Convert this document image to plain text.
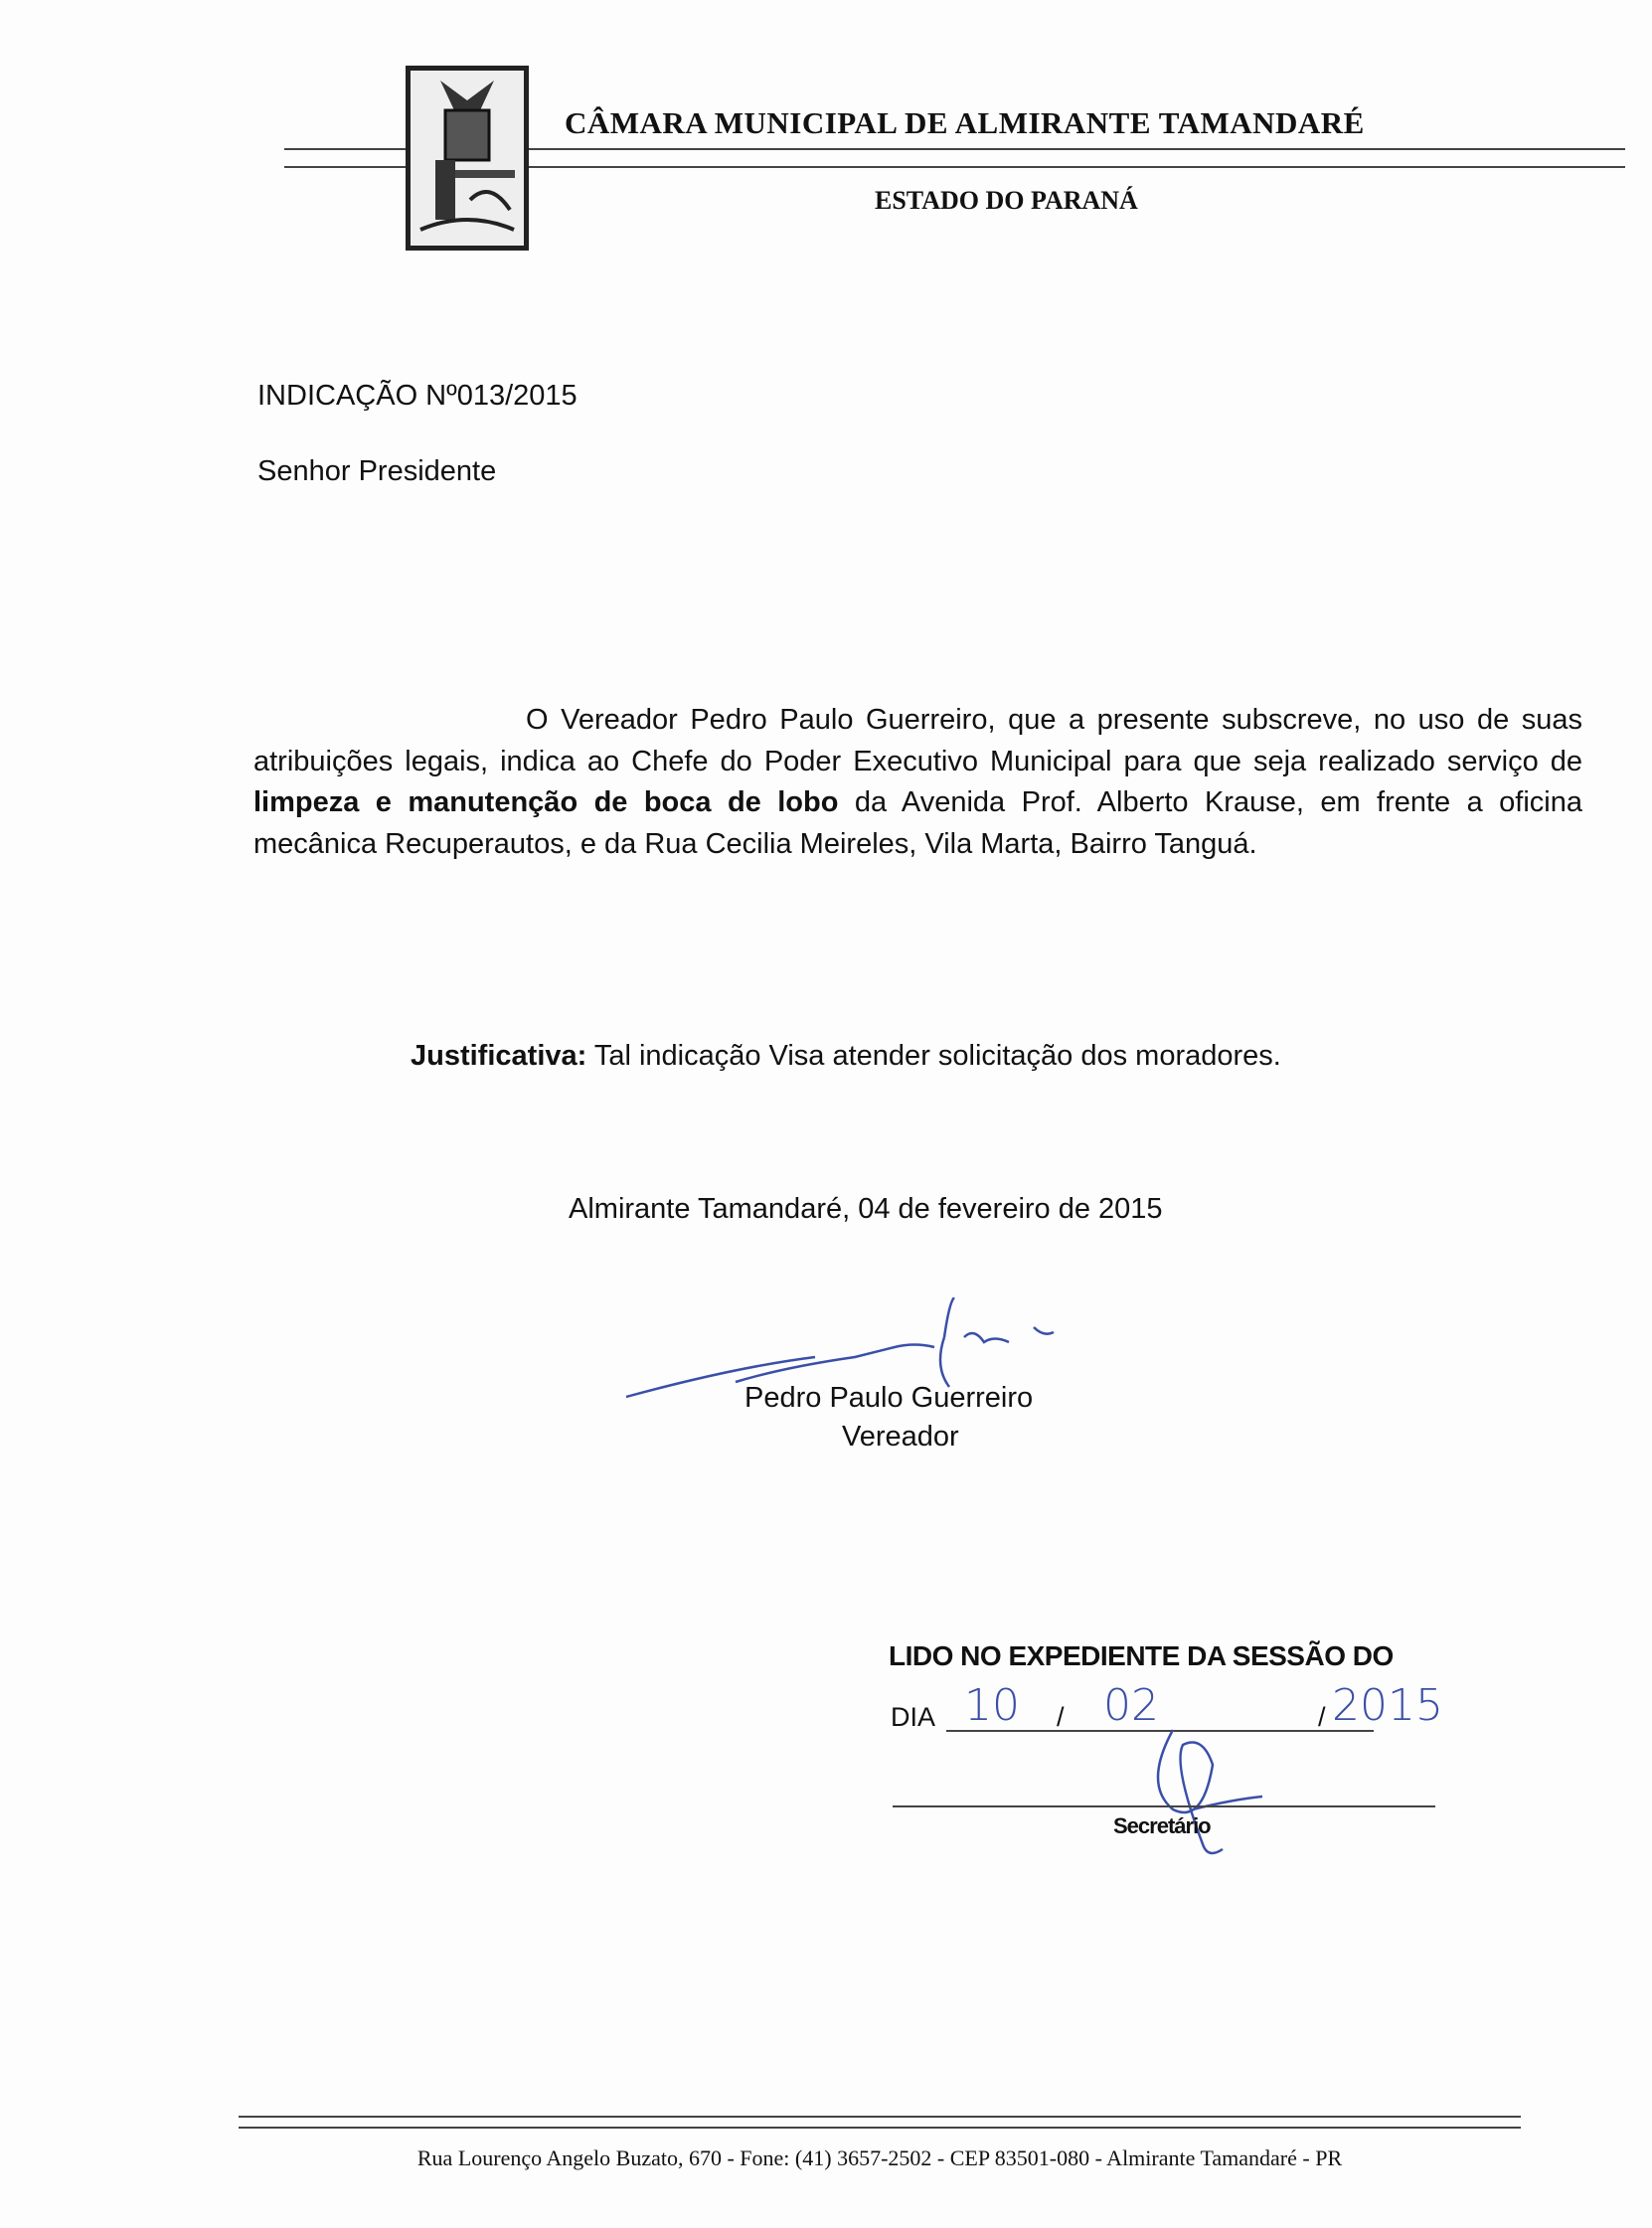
CÂMARA MUNICIPAL DE ALMIRANTE TAMANDARÉ
ESTADO DO PARANÁ
INDICAÇÃO Nº013/2015
Senhor Presidente

O Vereador Pedro Paulo Guerreiro, que a presente subscreve, no uso de suas atribuições legais, indica ao Chefe do Poder Executivo Municipal para que seja realizado serviço de limpeza e manutenção de boca de lobo da Avenida Prof. Alberto Krause, em frente a oficina mecânica Recuperautos, e da Rua Cecilia Meireles, Vila Marta, Bairro Tanguá.

Justificativa: Tal indicação Visa atender solicitação dos moradores.
Almirante Tamandaré, 04 de fevereiro de 2015
Pedro Paulo Guerreiro
Vereador
LIDO NO EXPEDIENTE DA SESSÃO DO
DIA	/	/
10 02	2015
Secretário
Rua Lourenço Angelo Buzato, 670 - Fone: (41) 3657-2502 - CEP 83501-080 - Almirante Tamandaré - PR
